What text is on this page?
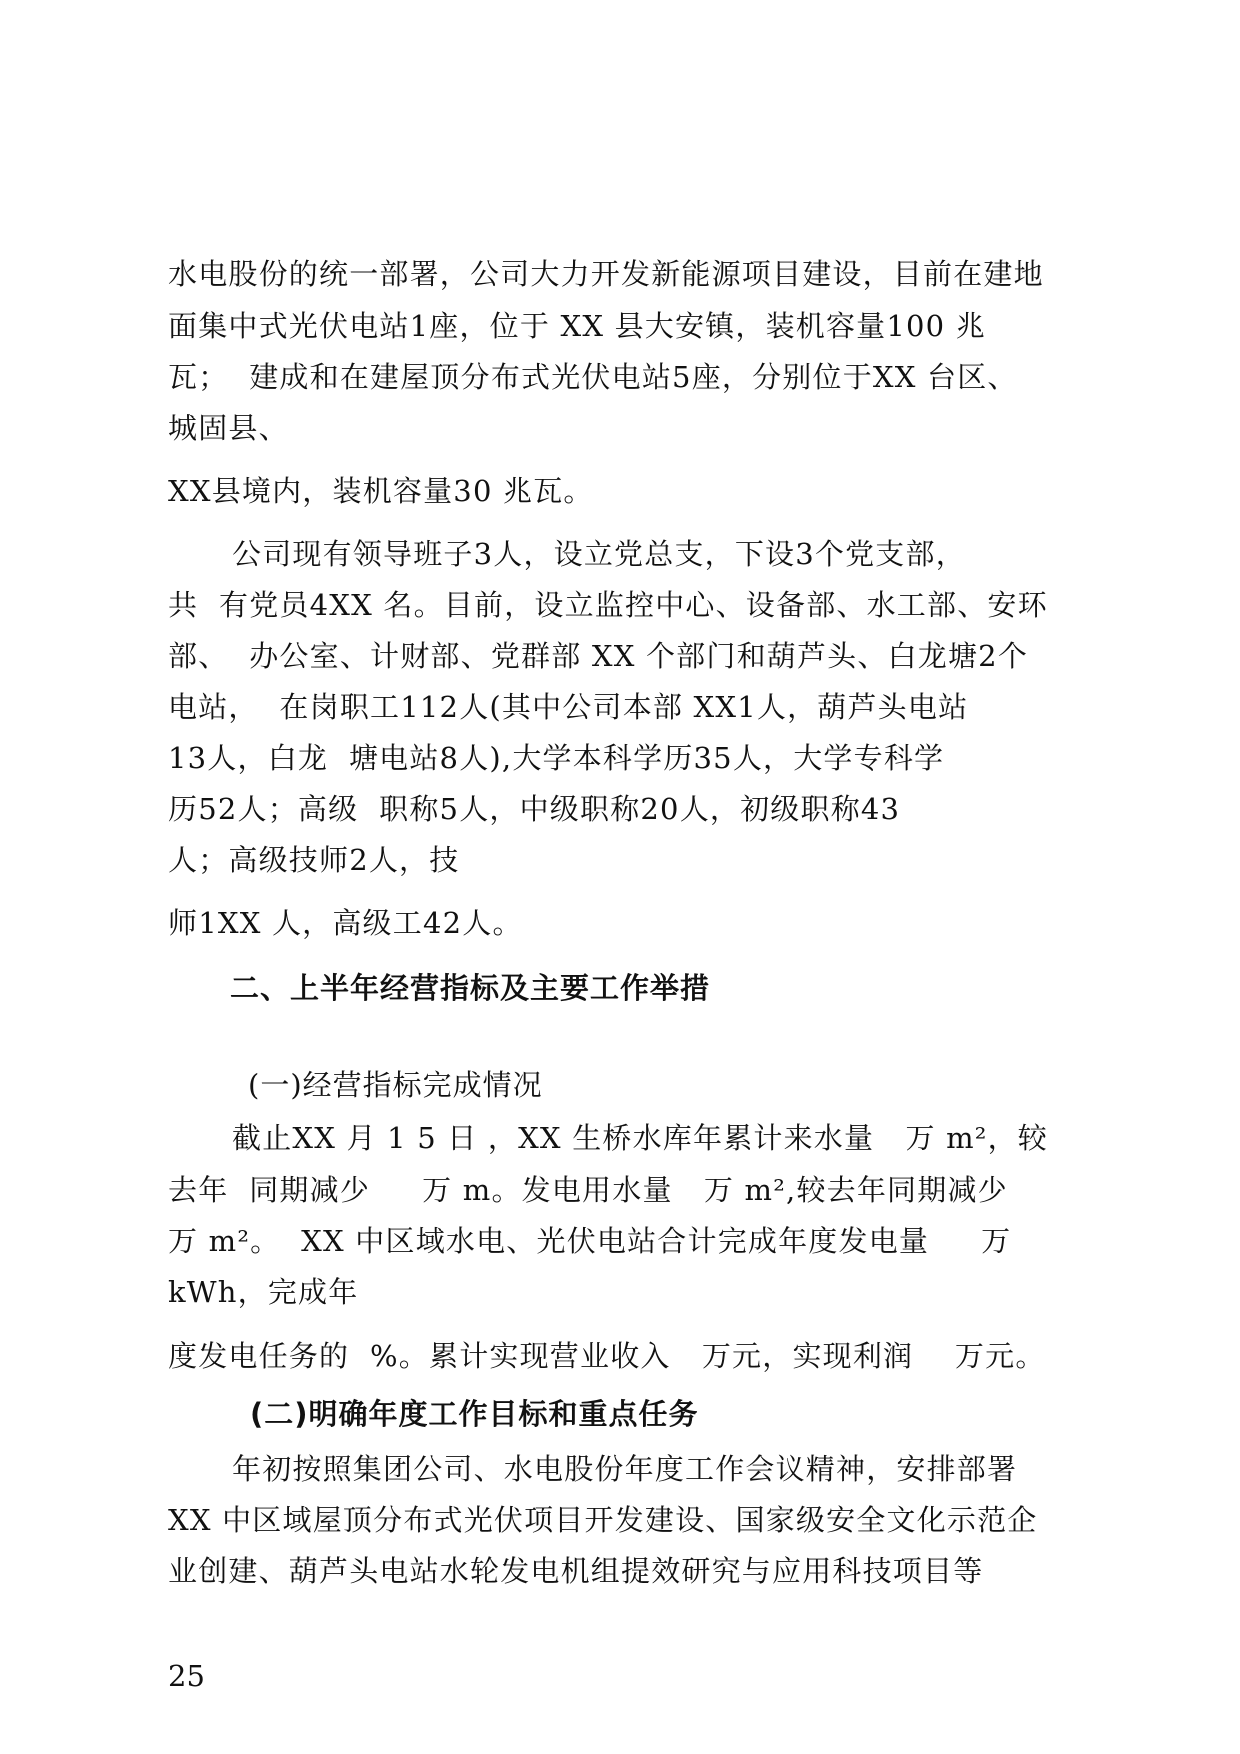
水电股份的统一部署，公司大力开发新能源项目建设，目前在建地
面集中式光伏电站1座，位于 XX 县大安镇，装机容量100 兆
瓦；  建成和在建屋顶分布式光伏电站5座，分别位于XX 台区、
城固县、
XX县境内，装机容量30 兆瓦。
公司现有领导班子3人，设立党总支，下设3个党支部，
共  有党员4XX 名。目前，设立监控中心、设备部、水工部、安环
部、  办公室、计财部、党群部 XX 个部门和葫芦头、白龙塘2个
电站，  在岗职工112人(其中公司本部 XX1人，葫芦头电站
13人，白龙  塘电站8人),大学本科学历35人，大学专科学
历52人；高级  职称5人，中级职称20人，初级职称43
人；高级技师2人，技
师1XX 人，高级工42人。
二、上半年经营指标及主要工作举措
(一)经营指标完成情况
截止XX 月 1 5 日 ，XX 生桥水库年累计来水量   万 m²，较
去年  同期减少     万 m。发电用水量   万 m²,较去年同期减少
万 m²。  XX 中区域水电、光伏电站合计完成年度发电量     万
kWh，完成年
度发电任务的  %。累计实现营业收入   万元，实现利润    万元。
(二)明确年度工作目标和重点任务
年初按照集团公司、水电股份年度工作会议精神，安排部署
XX 中区域屋顶分布式光伏项目开发建设、国家级安全文化示范企
业创建、葫芦头电站水轮发电机组提效研究与应用科技项目等
25
